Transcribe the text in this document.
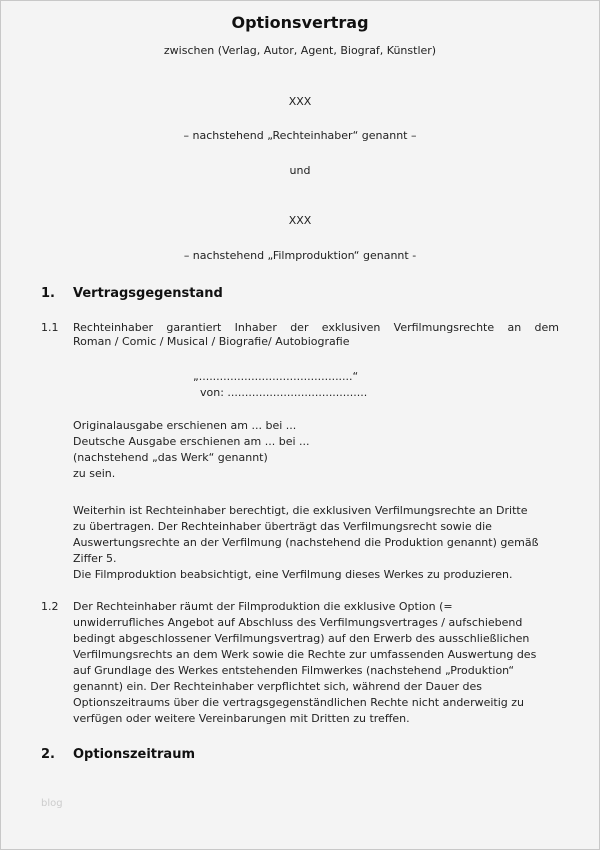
Optionsvertrag
zwischen (Verlag, Autor, Agent, Biograf, Künstler)
XXX
– nachstehend „Rechteinhaber“ genannt –
und
XXX
– nachstehend „Filmproduktion“ genannt -
1. Vertragsgegenstand
1.1 Rechteinhaber garantiert Inhaber der exklusiven Verfilmungsrechte an dem
Roman / Comic / Musical / Biografie/ Autobiografie
„............................................“
von: ........................................
Originalausgabe erschienen am ... bei ...
Deutsche Ausgabe erschienen am ... bei ...
(nachstehend „das Werk“ genannt)
zu sein.
Weiterhin ist Rechteinhaber berechtigt, die exklusiven Verfilmungsrechte an Dritte
zu übertragen. Der Rechteinhaber überträgt das Verfilmungsrecht sowie die
Auswertungsrechte an der Verfilmung (nachstehend die Produktion genannt) gemäß
Ziffer 5.
Die Filmproduktion beabsichtigt, eine Verfilmung dieses Werkes zu produzieren.
1.2 Der Rechteinhaber räumt der Filmproduktion die exklusive Option (=
unwiderrufliches Angebot auf Abschluss des Verfilmungsvertrages / aufschiebend
bedingt abgeschlossener Verfilmungsvertrag) auf den Erwerb des ausschließlichen
Verfilmungsrechts an dem Werk sowie die Rechte zur umfassenden Auswertung des
auf Grundlage des Werkes entstehenden Filmwerkes (nachstehend „Produktion“
genannt) ein. Der Rechteinhaber verpflichtet sich, während der Dauer des
Optionszeitraums über die vertragsgegenständlichen Rechte nicht anderweitig zu
verfügen oder weitere Vereinbarungen mit Dritten zu treffen.
2. Optionszeitraum
blog
